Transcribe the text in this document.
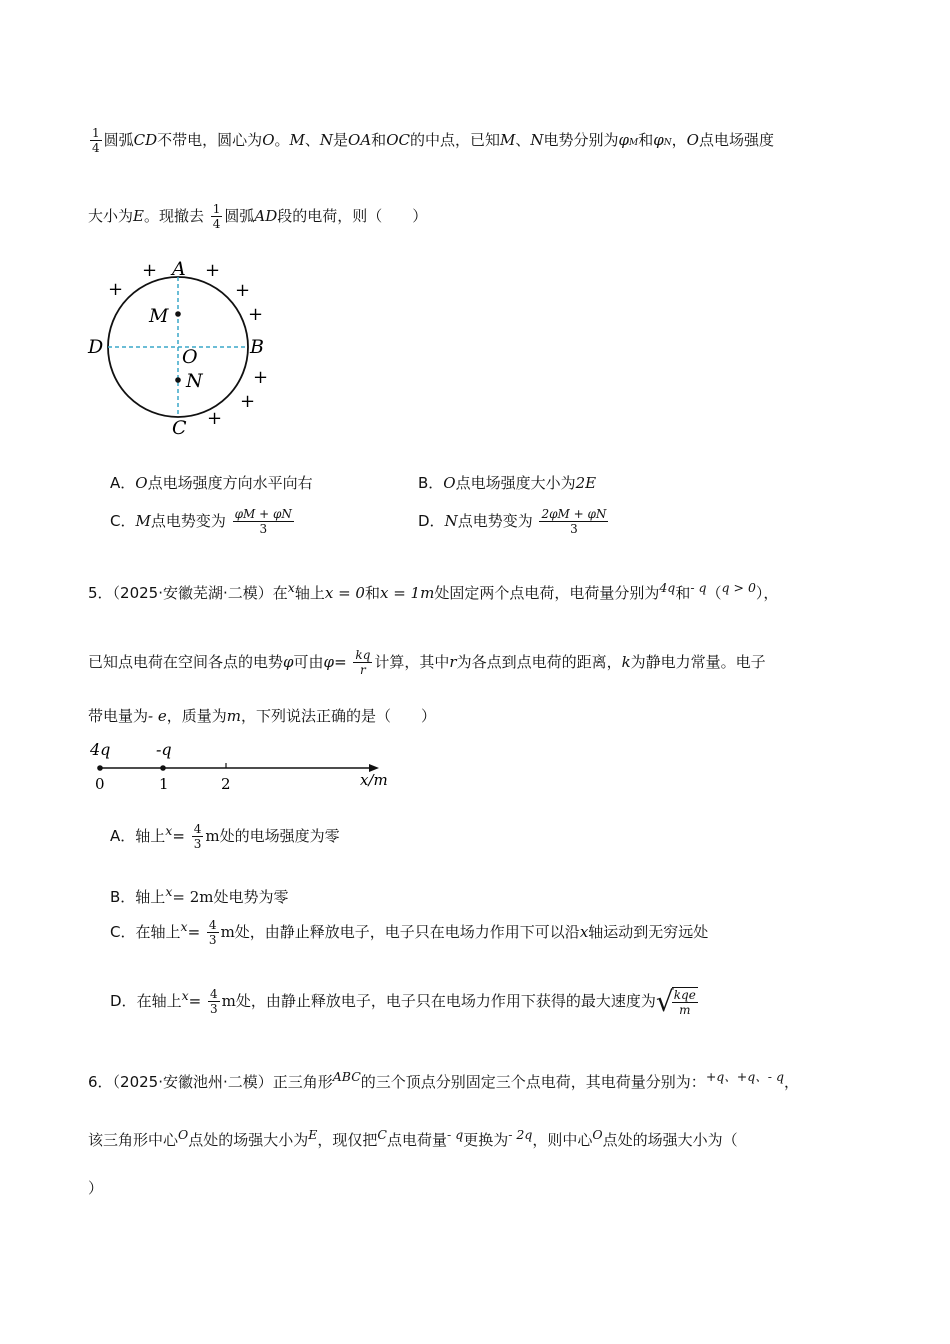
$\frac{1}{4}$ 圆弧CD不带电，圆心为O。M、N是OA和OC的中点，已知M、N电势分别为φM和φN，O点电场强度
大小为E。现撤去 $\frac{1}{4}$ 圆弧AD段的电荷，则（　　）
A
B
C
D
M
N
O
+	+
+	+
+
+
+
+
A．O点电场强度方向水平向右	B．O点电场强度大小为2E
C．M点电势变为 $\frac{\varphi M + \varphi N}{3}$	D．N点电势变为 $\frac{2\varphi M + \varphi N}{3}$
5．（2025·安徽芜湖·二模）在$^x$轴上x = 0和x = 1m处固定两个点电荷，电荷量分别为$^{4q}$和$^{- q}$（$^{q > 0}$），
已知点电荷在空间各点的电势φ可由$\varphi= \frac{kq}{r}$ 计算，其中r为各点到点电荷的距离，k为静电力常量。电子
带电量为- e，质量为m，下列说法正确的是（　　）
4q	-q
0	1	2	x/m
A．轴上$^x= \frac{4}{3}$ m处的电场强度为零
B．轴上$^x$= 2m处电势为零
C．在轴上$^x= \frac{4}{3}$ m处，由静止释放电子，电子只在电场力作用下可以沿x轴运动到无穷远处
D．在轴上$^x= \frac{4}{3}$ m处，由静止释放电子，电子只在电场力作用下获得的最大速度为√
$\frac{\text{kqe}}{m}$
6．（2025·安徽池州·二模）正三角形$^{ABC}$的三个顶点分别固定三个点电荷，其电荷量分别为：$^{+q、+q、- q}$，
该三角形中心$^O$点处的场强大小为$^E$，现仅把$^C$点电荷量$^{- q}$更换为$^{- 2q}$，则中心$^O$点处的场强大小为（
）
